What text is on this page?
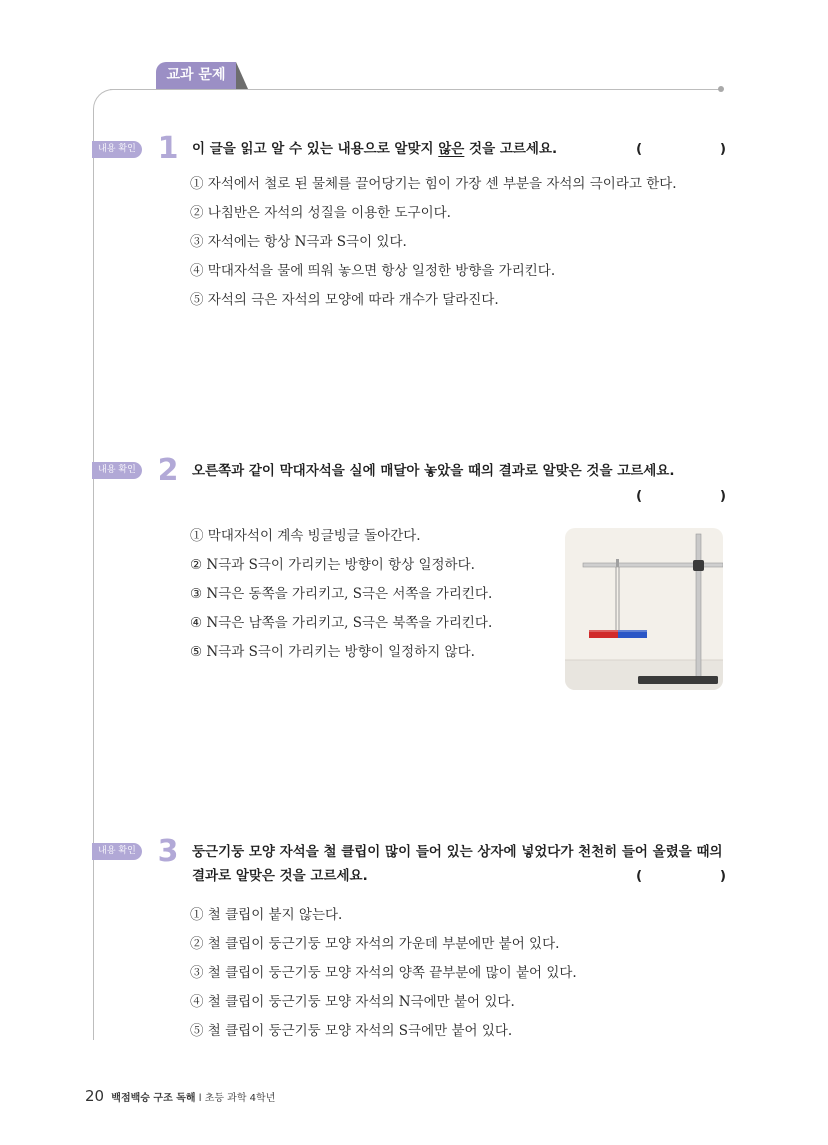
교과 문제
내용 확인 1 이 글을 읽고 알 수 있는 내용으로 알맞지 않은 것을 고르세요.	(	)
① 자석에서 철로 된 물체를 끌어당기는 힘이 가장 센 부분을 자석의 극이라고 한다.
② 나침반은 자석의 성질을 이용한 도구이다.
③ 자석에는 항상 N극과 S극이 있다.
④ 막대자석을 물에 띄워 놓으면 항상 일정한 방향을 가리킨다.
⑤ 자석의 극은 자석의 모양에 따라 개수가 달라진다.
내용 확인 2 오른쪽과 같이 막대자석을 실에 매달아 놓았을 때의 결과로 알맞은 것을 고르세요.
(	)
① 막대자석이 계속 빙글빙글 돌아간다.
② N극과 S극이 가리키는 방향이 항상 일정하다.
③ N극은 동쪽을 가리키고, S극은 서쪽을 가리킨다.
④ N극은 남쪽을 가리키고, S극은 북쪽을 가리킨다.
⑤ N극과 S극이 가리키는 방향이 일정하지 않다.
내용 확인 3 둥근기둥 모양 자석을 철 클립이 많이 들어 있는 상자에 넣었다가 천천히 들어 올렸을 때의
결과로 알맞은 것을 고르세요.	(	)
① 철 클립이 붙지 않는다.
② 철 클립이 둥근기둥 모양 자석의 가운데 부분에만 붙어 있다.
③ 철 클립이 둥근기둥 모양 자석의 양쪽 끝부분에 많이 붙어 있다.
④ 철 클립이 둥근기둥 모양 자석의 N극에만 붙어 있다.
⑤ 철 클립이 둥근기둥 모양 자석의 S극에만 붙어 있다.
20 백점백승 구조 독해 l 초등 과학 4학년
